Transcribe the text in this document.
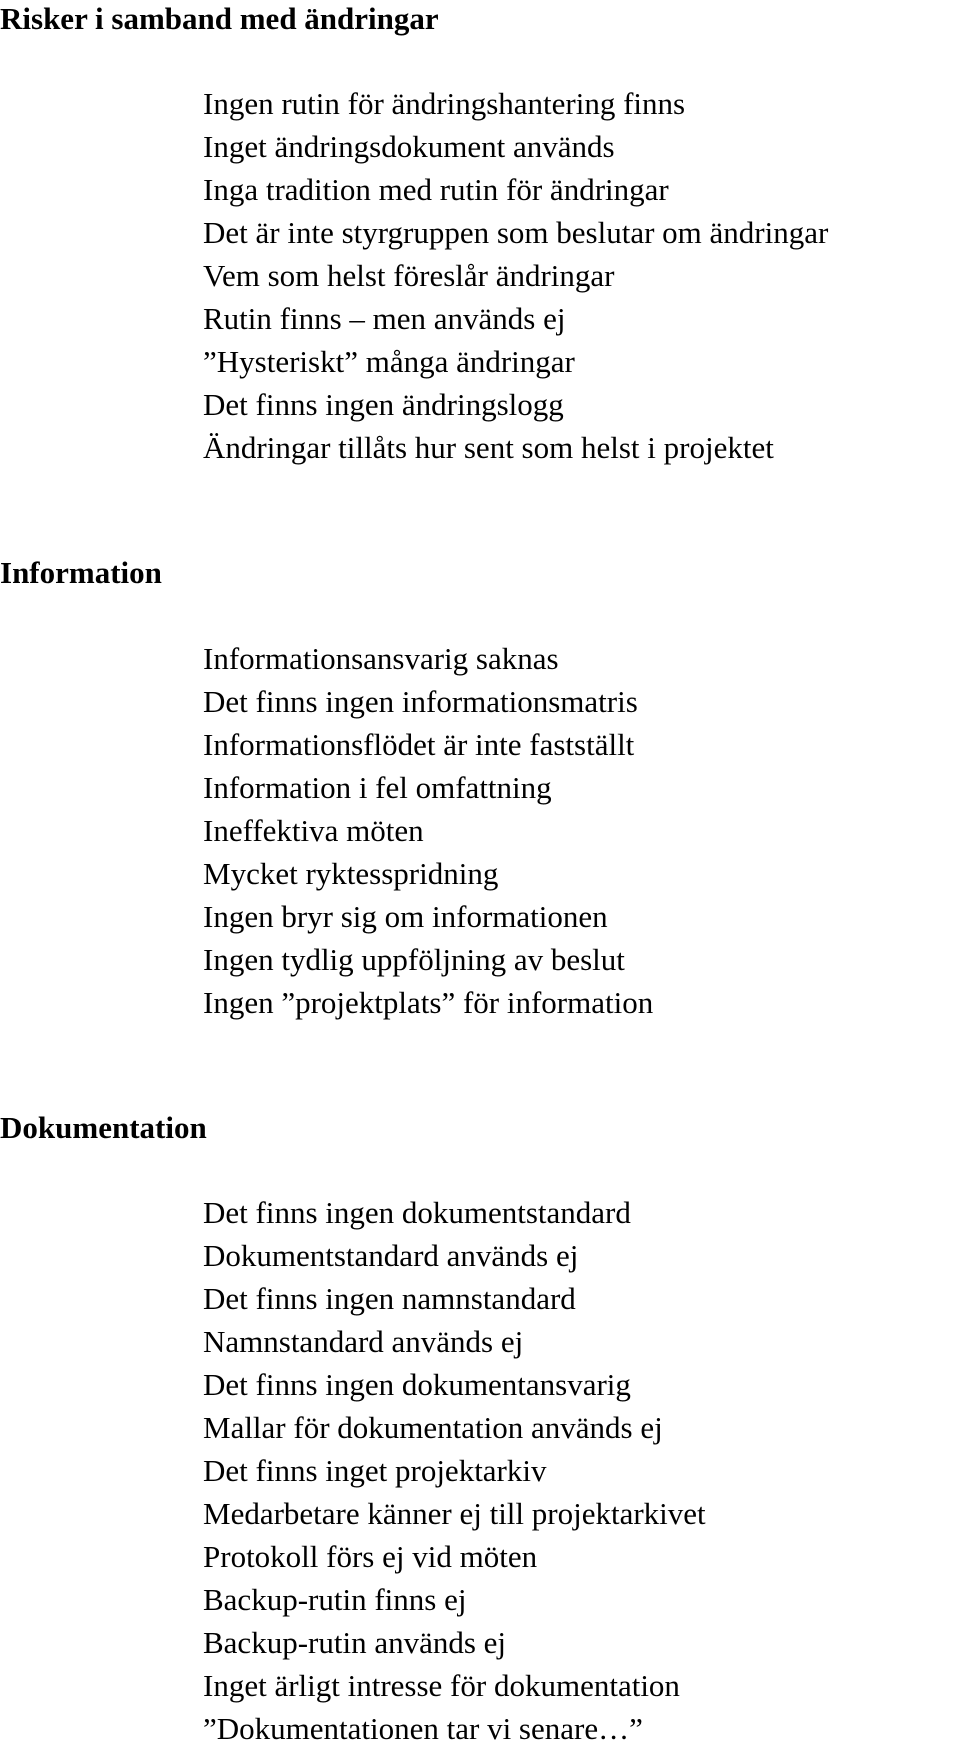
Risker i samband med ändringar
Ingen rutin för ändringshantering finns
Inget ändringsdokument används
Inga tradition med rutin för ändringar
Det är inte styrgruppen som beslutar om ändringar
Vem som helst föreslår ändringar
Rutin finns – men används ej
”Hysteriskt” många ändringar
Det finns ingen ändringslogg
Ändringar tillåts hur sent som helst i projektet
Information
Informationsansvarig saknas
Det finns ingen informationsmatris
Informationsflödet är inte fastställt
Information i fel omfattning
Ineffektiva möten
Mycket ryktesspridning
Ingen bryr sig om informationen
Ingen tydlig uppföljning av beslut
Ingen ”projektplats” för information
Dokumentation
Det finns ingen dokumentstandard
Dokumentstandard används ej
Det finns ingen namnstandard
Namnstandard används ej
Det finns ingen dokumentansvarig
Mallar för dokumentation används ej
Det finns inget projektarkiv
Medarbetare känner ej till projektarkivet
Protokoll förs ej vid möten
Backup-rutin finns ej
Backup-rutin används ej
Inget ärligt intresse för dokumentation
”Dokumentationen tar vi senare…”
